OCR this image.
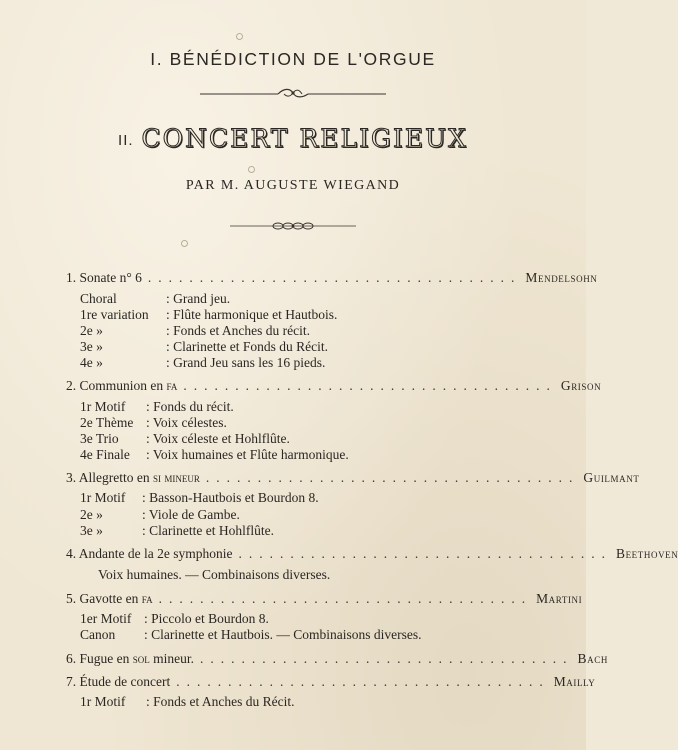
I. BÉNÉDICTION DE L'ORGUE
II. CONCERT RELIGIEUX
PAR M. AUGUSTE WIEGAND
1. Sonate n° 6 .................................... Mendelsohn
Choral	: Grand jeu.
1re variation : Flûte harmonique et Hautbois.
2e »	: Fonds et Anches du récit.
3e »	: Clarinette et Fonds du Récit.
4e »	: Grand Jeu sans les 16 pieds.
2. Communion en fa .................................... Grison
1r Motif : Fonds du récit.
2e Thème : Voix célestes.
3e Trio : Voix céleste et Hohlflûte.
4e Finale : Voix humaines et Flûte harmonique.
3. Allegretto en si mineur .................................... Guilmant
1r Motif : Basson-Hautbois et Bourdon 8.
2e »	: Viole de Gambe.
3e »	: Clarinette et Hohlflûte.
4. Andante de la 2e symphonie .................................... Beethoven
Voix humaines. — Combinaisons diverses.
5. Gavotte en fa .................................... Martini
1er Motif : Piccolo et Bourdon 8.
Canon : Clarinette et Hautbois. — Combinaisons diverses.
6. Fugue en sol mineur. .................................... Bach
7. Étude de concert .................................... Mailly
1r Motif : Fonds et Anches du Récit.
